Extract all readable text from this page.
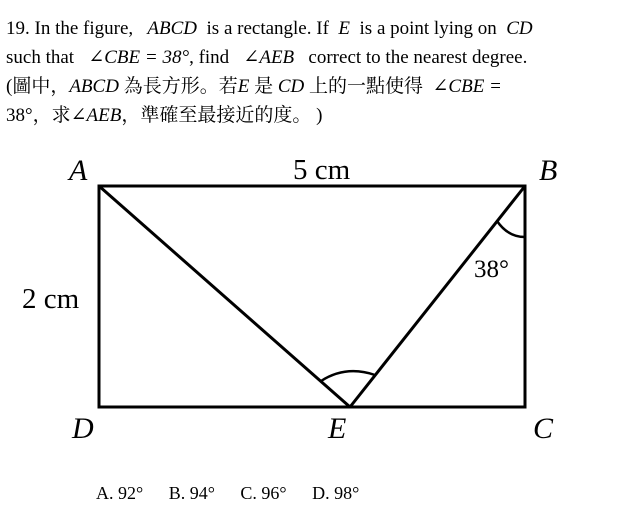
19. In the figure, ABCD is a rectangle. If E is a point lying on CD
such that ∠CBE = 38°, find ∠AEB correct to the nearest degree.
(圖中，ABCD 為長方形。若E 是 CD 上的一點使得 ∠CBE =
38°，求∠AEB，準確至最接近的度。 )
A	B
C
D	E
5 cm
2 cm
38°
A. 92° B. 94° C. 96° D. 98°
